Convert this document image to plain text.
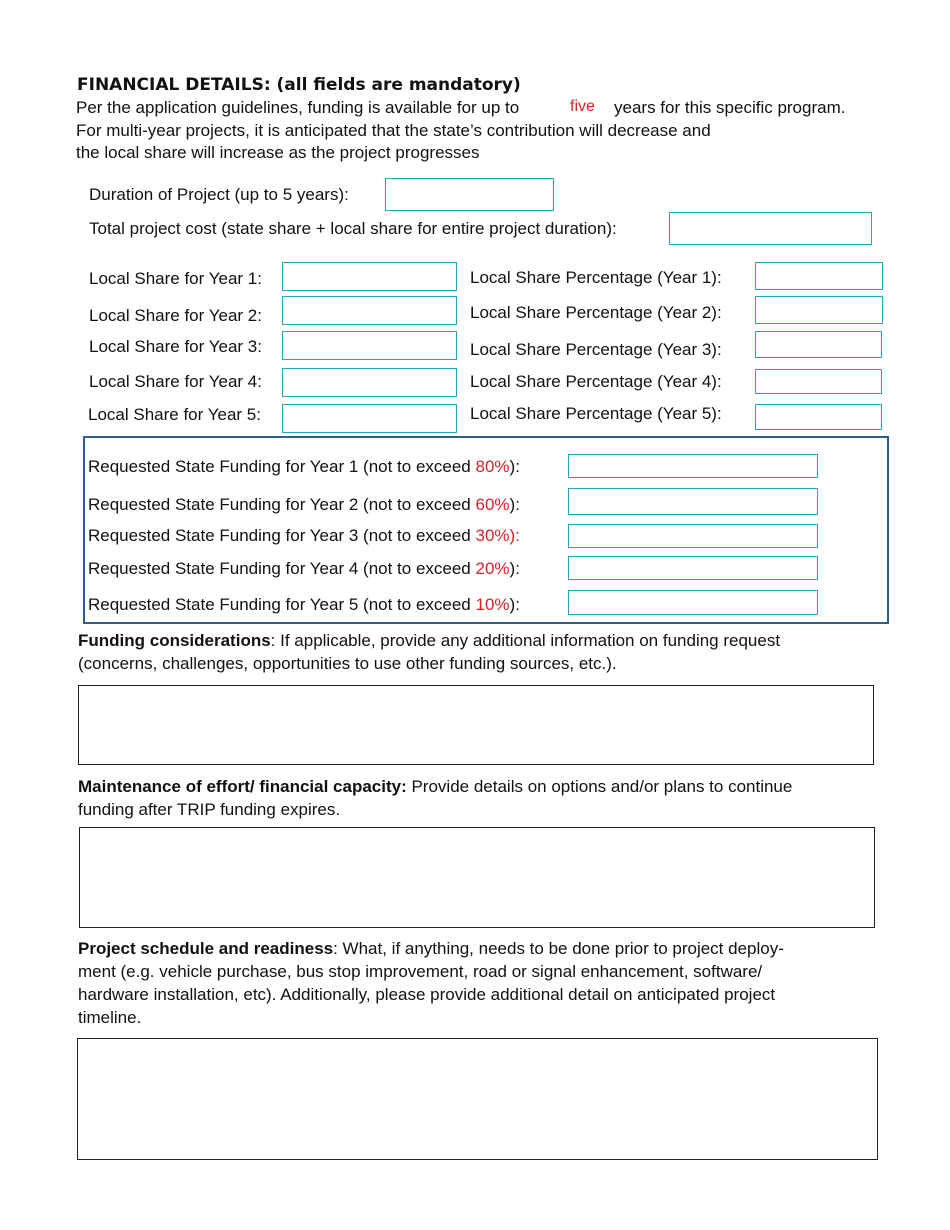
FINANCIAL DETAILS: (all fields are mandatory)
Per the application guidelines, funding is available for up to	five years for this specific program.
For multi-year projects, it is anticipated that the state’s contribution will decrease and
the local share will increase as the project progresses
Duration of Project (up to 5 years):
Total project cost (state share + local share for entire project duration):
Local Share for Year 1:	Local Share Percentage (Year 1):
Local Share for Year 2:	Local Share Percentage (Year 2):
Local Share for Year 3:	Local Share Percentage (Year 3):
Local Share for Year 4:	Local Share Percentage (Year 4):
Local Share for Year 5:	Local Share Percentage (Year 5):
Requested State Funding for Year 1 (not to exceed 80%):
Requested State Funding for Year 2 (not to exceed 60%):
Requested State Funding for Year 3 (not to exceed 30%):
Requested State Funding for Year 4 (not to exceed 20%):
Requested State Funding for Year 5 (not to exceed 10%):
Funding considerations: If applicable, provide any additional information on funding request
(concerns, challenges, opportunities to use other funding sources, etc.).
Maintenance of effort/ financial capacity: Provide details on options and/or plans to continue
funding after TRIP funding expires.
Project schedule and readiness: What, if anything, needs to be done prior to project deploy-
ment (e.g. vehicle purchase, bus stop improvement, road or signal enhancement, software/
hardware installation, etc). Additionally, please provide additional detail on anticipated project
timeline.
